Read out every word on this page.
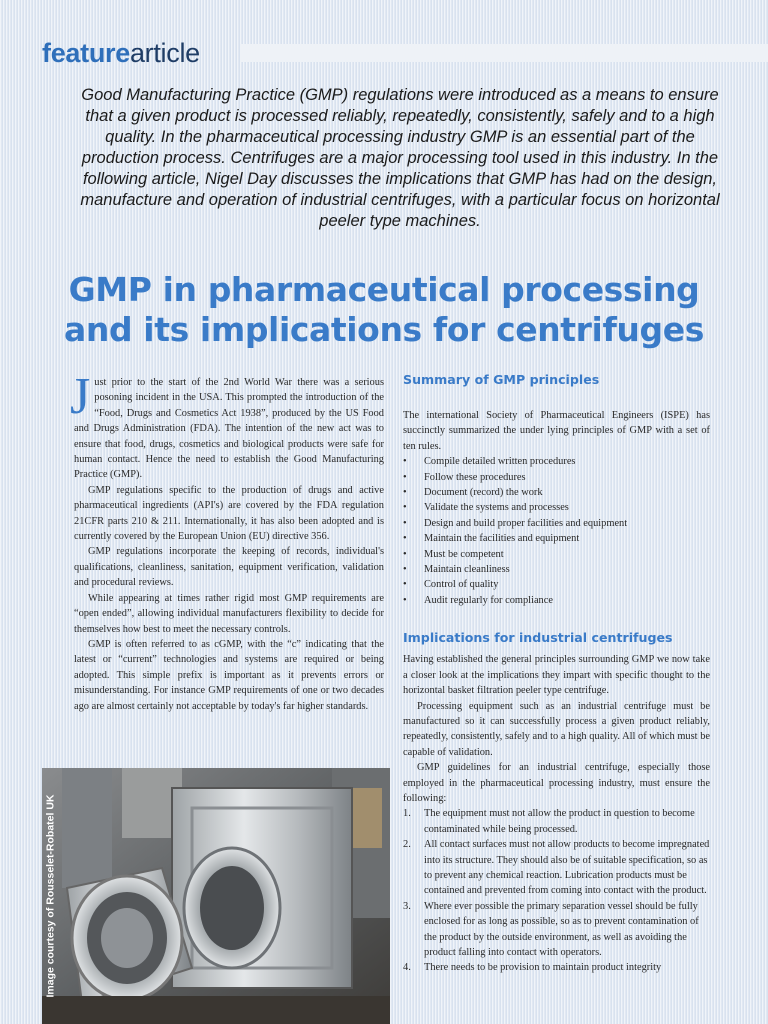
featurearticle
Good Manufacturing Practice (GMP) regulations were introduced as a means to ensure that a given product is processed reliably, repeatedly, consistently, safely and to a high quality. In the pharmaceutical processing industry GMP is an essential part of the production process. Centrifuges are a major processing tool used in this industry. In the following article, Nigel Day discusses the implications that GMP has had on the design, manufacture and operation of industrial centrifuges, with a particular focus on horizontal peeler type machines.
GMP in pharmaceutical processing
and its implications for centrifuges

Just prior to the start of the 2nd World War there was a serious posoning incident in the USA. This prompted the introduction of the “Food, Drugs and Cosmetics Act 1938”, produced by the US Food and Drugs Administration (FDA). The intention of the new act was to ensure that food, drugs, cosmetics and biological products were safe for human contact. Hence the need to establish the Good Manufacturing Practice (GMP).

GMP regulations specific to the production of drugs and active pharmaceutical ingredients (API's) are covered by the FDA regulation 21CFR parts 210 & 211. Internationally, it has also been adopted and is currently covered by the European Union (EU) directive 356.

GMP regulations incorporate the keeping of records, individual's qualifications, cleanliness, sanitation, equipment verification, validation and procedural reviews.

While appearing at times rather rigid most GMP requirements are “open ended”, allowing individual manufacturers flexibility to decide for themselves how best to meet the necessary controls.

GMP is often referred to as cGMP, with the “c” indicating that the latest or “current” technologies and systems are required or being adopted. This simple prefix is important as it prevents errors or misunderstanding. For instance GMP requirements of one or two decades ago are almost certainly not acceptable by today's far higher standards.

Image courtesy of Rousselet-Robatel UK
Summary of GMP principles

The international Society of Pharmaceutical Engineers (ISPE) has succinctly summarized the under lying principles of GMP with a set of ten rules.

• Compile detailed written procedures
• Follow these procedures
• Document (record) the work
• Validate the systems and processes
• Design and build proper facilities and equipment
• Maintain the facilities and equipment
• Must be competent
• Maintain cleanliness
• Control of quality
• Audit regularly for compliance
Implications for industrial centrifuges

Having established the general principles surrounding GMP we now take a closer look at the implications they impart with specific thought to the horizontal basket filtration peeler type centrifuge.

Processing equipment such as an industrial centrifuge must be manufactured so it can successfully process a given product reliably, repeatedly, consistently, safely and to a high quality. All of which must be capable of validation.

GMP guidelines for an industrial centrifuge, especially those employed in the pharmaceutical processing industry, must ensure the following:

1. The equipment must not allow the product in question to become contaminated while being processed.
2. All contact surfaces must not allow products to become impregnated into its structure. They should also be of suitable specification, so as to prevent any chemical reaction. Lubrication products must be contained and prevented from coming into contact with the product.
3. Where ever possible the primary separation vessel should be fully enclosed for as long as possible, so as to prevent contamination of the product by the outside environment, as well as avoiding the product falling into contact with operators.
4. There needs to be provision to maintain product integrity
